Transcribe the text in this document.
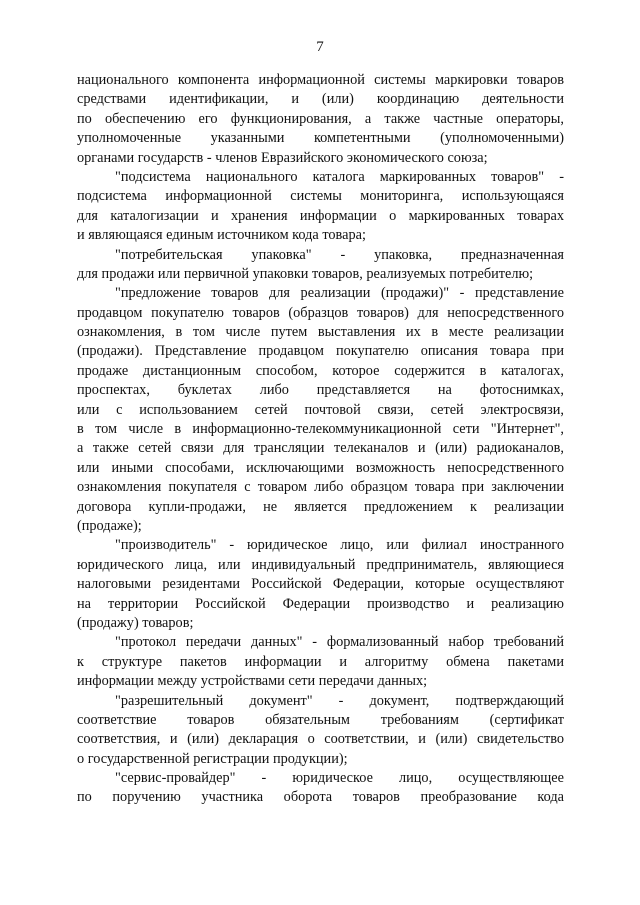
7
национального компонента информационной системы маркировки товаров
средствами идентификации, и (или) координацию деятельности
по обеспечению его функционирования, а также частные операторы,
уполномоченные указанными компетентными (уполномоченными)
органами государств - членов Евразийского экономического союза;
"подсистема национального каталога маркированных товаров" -
подсистема информационной системы мониторинга, использующаяся
для каталогизации и хранения информации о маркированных товарах
и являющаяся единым источником кода товара;
"потребительская упаковка" - упаковка, предназначенная
для продажи или первичной упаковки товаров, реализуемых потребителю;
"предложение товаров для реализации (продажи)" - представление
продавцом покупателю товаров (образцов товаров) для непосредственного
ознакомления, в том числе путем выставления их в месте реализации
(продажи). Представление продавцом покупателю описания товара при
продаже дистанционным способом, которое содержится в каталогах,
проспектах, буклетах либо представляется на фотоснимках,
или с использованием сетей почтовой связи, сетей электросвязи,
в том числе в информационно-телекоммуникационной сети "Интернет",
а также сетей связи для трансляции телеканалов и (или) радиоканалов,
или иными способами, исключающими возможность непосредственного
ознакомления покупателя с товаром либо образцом товара при заключении
договора купли-продажи, не является предложением к реализации
(продаже);
"производитель" - юридическое лицо, или филиал иностранного
юридического лица, или индивидуальный предприниматель, являющиеся
налоговыми резидентами Российской Федерации, которые осуществляют
на территории Российской Федерации производство и реализацию
(продажу) товаров;
"протокол передачи данных" - формализованный набор требований
к структуре пакетов информации и алгоритму обмена пакетами
информации между устройствами сети передачи данных;
"разрешительный документ" - документ, подтверждающий
соответствие товаров обязательным требованиям (сертификат
соответствия, и (или) декларация о соответствии, и (или) свидетельство
о государственной регистрации продукции);
"сервис-провайдер" - юридическое лицо, осуществляющее
по поручению участника оборота товаров преобразование кода
